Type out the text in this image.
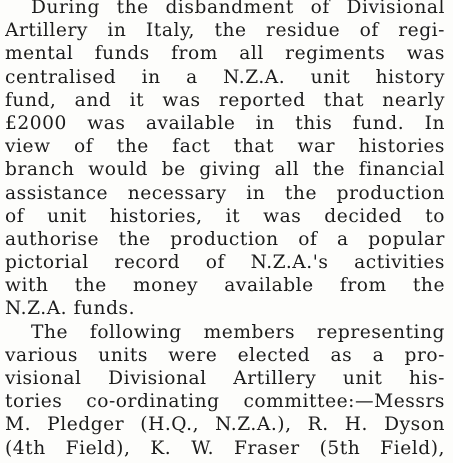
During the disbandment of Divisional
Artillery in Italy, the residue of regi-
mental funds from all regiments was
centralised in a N.Z.A. unit history
fund, and it was reported that nearly
£2000 was available in this fund. In
view of the fact that war histories
branch would be giving all the financial
assistance necessary in the production
of unit histories, it was decided to
authorise the production of a popular
pictorial record of N.Z.A.'s activities
with the money available from the
N.Z.A. funds.
The following members representing
various units were elected as a pro-
visional Divisional Artillery unit his-
tories co-ordinating committee:—Messrs
M. Pledger (H.Q., N.Z.A.), R. H. Dyson
(4th Field), K. W. Fraser (5th Field),
